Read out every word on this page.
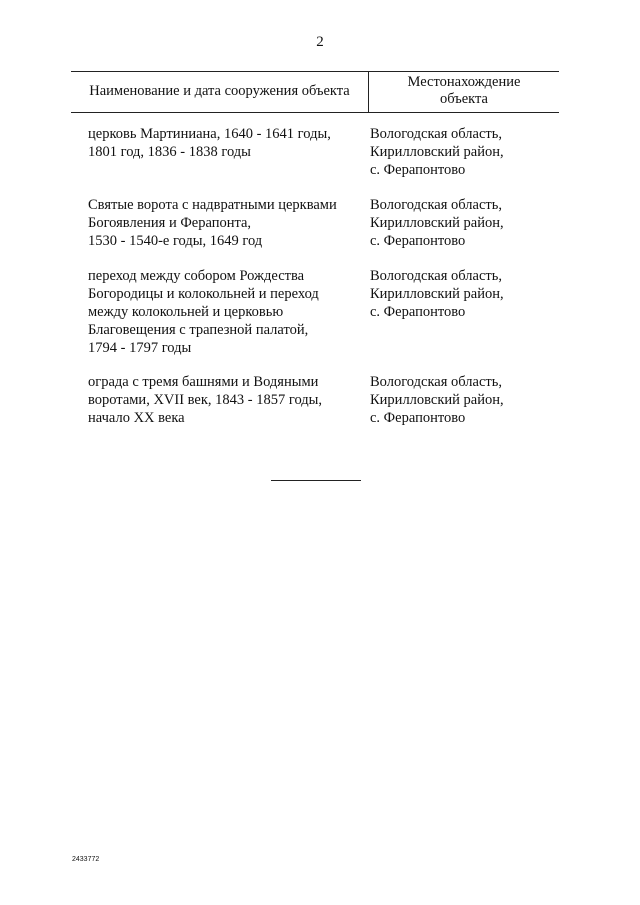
2
Наименование и дата сооружения объекта
Местонахождение
объекта
церковь Мартиниана, 1640 - 1641 годы,
1801 год, 1836 - 1838 годы
Вологодская область,
Кирилловский район,
с. Ферапонтово
Святые ворота с надвратными церквами
Богоявления и Ферапонта,
1530 - 1540-е годы, 1649 год
Вологодская область,
Кирилловский район,
с. Ферапонтово
переход между собором Рождества
Богородицы и колокольней и переход
между колокольней и церковью
Благовещения с трапезной палатой,
1794 - 1797 годы
Вологодская область,
Кирилловский район,
с. Ферапонтово
ограда с тремя башнями и Водяными
воротами, XVII век, 1843 - 1857 годы,
начало XX века
Вологодская область,
Кирилловский район,
с. Ферапонтово
2433772
